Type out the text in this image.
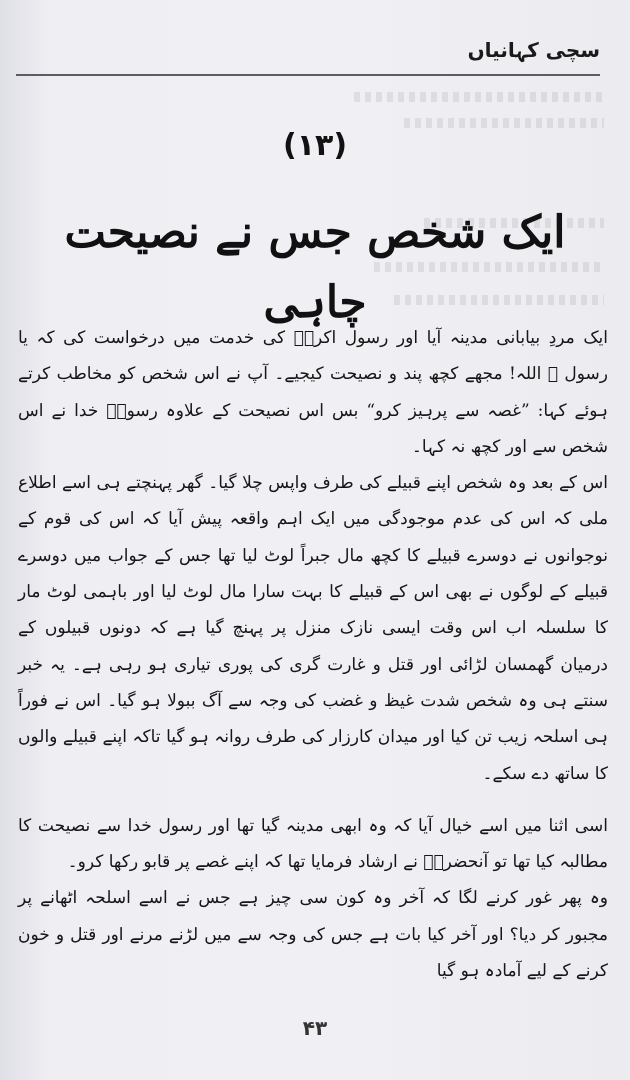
سچی کہانیاں
(۱۳)
ایک شخص جس نے نصیحت چاہی

ایک مردِ بیابانی مدینہ آیا اور رسول اکرمؐ کی خدمت میں درخواست کی کہ یا رسول ؐ اللہ! مجھے کچھ پند و نصیحت کیجیے۔ آپ نے اس شخص کو مخاطب کرتے ہوئے کہا: ”غصہ سے پرہیز کرو“ بس اس نصیحت کے علاوہ رسولؐ خدا نے اس شخص سے اور کچھ نہ کہا۔

اس کے بعد وہ شخص اپنے قبیلے کی طرف واپس چلا گیا۔ گھر پہنچتے ہی اسے اطلاع ملی کہ اس کی عدم موجودگی میں ایک اہم واقعہ پیش آیا کہ اس کی قوم کے نوجوانوں نے دوسرے قبیلے کا کچھ مال جبراً لوٹ لیا تھا جس کے جواب میں دوسرے قبیلے کے لوگوں نے بھی اس کے قبیلے کا بہت سارا مال لوٹ لیا اور باہمی لوٹ مار کا سلسلہ اب اس وقت ایسی نازک منزل پر پہنچ گیا ہے کہ دونوں قبیلوں کے درمیان گھمسان لڑائی اور قتل و غارت گری کی پوری تیاری ہو رہی ہے۔ یہ خبر سنتے ہی وہ شخص شدت غیظ و غضب کی وجہ سے آگ ببولا ہو گیا۔ اس نے فوراً ہی اسلحہ زیب تن کیا اور میدان کارزار کی طرف روانہ ہو گیا تاکہ اپنے قبیلے والوں کا ساتھ دے سکے۔

اسی اثنا میں اسے خیال آیا کہ وہ ابھی مدینہ گیا تھا اور رسول خدا سے نصیحت کا مطالبہ کیا تھا تو آنحضرتؐ نے ارشاد فرمایا تھا کہ اپنے غصے پر قابو رکھا کرو۔

وہ پھر غور کرنے لگا کہ آخر وہ کون سی چیز ہے جس نے اسے اسلحہ اٹھانے پر مجبور کر دیا؟ اور آخر کیا بات ہے جس کی وجہ سے میں لڑنے مرنے اور قتل و خون کرنے کے لیے آمادہ ہو گیا

۴۳
